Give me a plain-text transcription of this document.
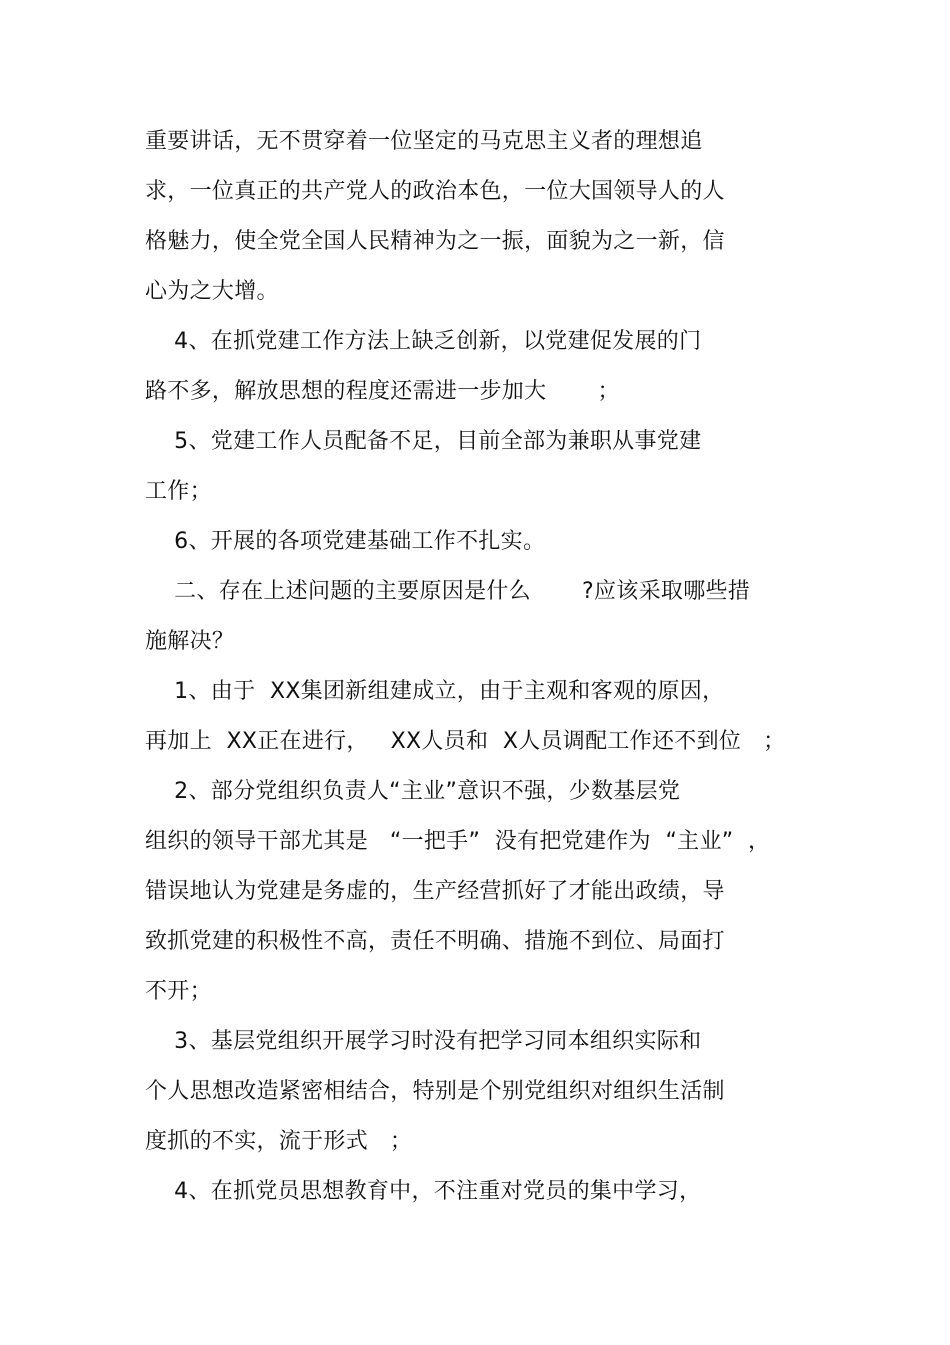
重要讲话，无不贯穿着一位坚定的马克思主义者的理想追
求，一位真正的共产党人的政治本色，一位大国领导人的人
格魅力，使全党全国人民精神为之一振，面貌为之一新，信
心为之大增。
4、在抓党建工作方法上缺乏创新，以党建促发展的门
路不多，解放思想的程度还需进一步加大       ；
5、党建工作人员配备不足，目前全部为兼职从事党建
工作；
6、开展的各项党建基础工作不扎实。
二、存在上述问题的主要原因是什么       ?应该采取哪些措
施解决？
1、由于  XX集团新组建成立，由于主观和客观的原因，
再加上  XX正在进行，   XX人员和  X人员调配工作还不到位   ；
2、部分党组织负责人“主业”意识不强，少数基层党
组织的领导干部尤其是   “一把手”  没有把党建作为  “主业”  ，
错误地认为党建是务虚的，生产经营抓好了才能出政绩，导
致抓党建的积极性不高，责任不明确、措施不到位、局面打
不开；
3、基层党组织开展学习时没有把学习同本组织实际和
个人思想改造紧密相结合，特别是个别党组织对组织生活制
度抓的不实，流于形式   ；
4、在抓党员思想教育中，不注重对党员的集中学习，
